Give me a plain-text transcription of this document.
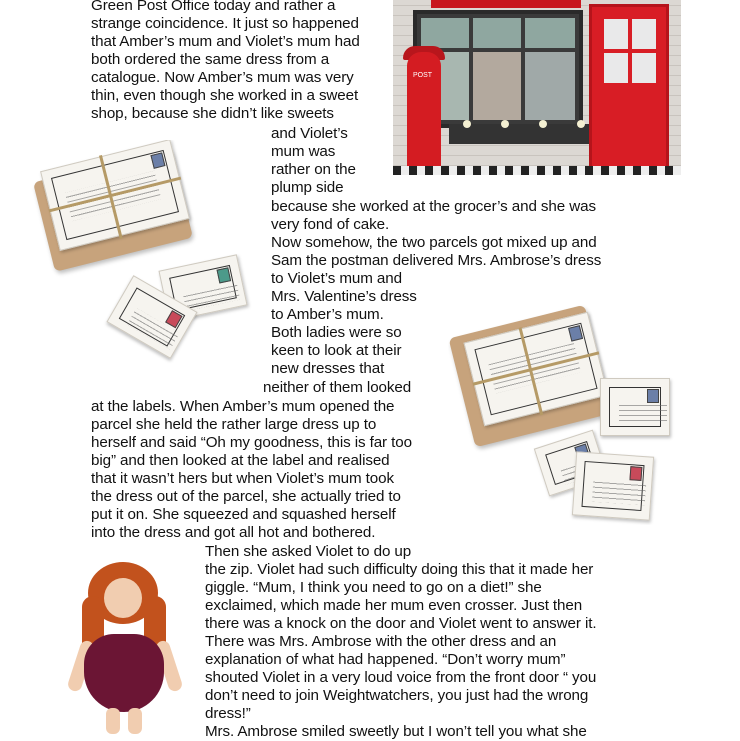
Green Post Office today and rather a
strange coincidence. It just so happened
that Amber’s mum and Violet’s mum had
both ordered the same dress from a
catalogue. Now Amber’s mum was very
thin, even though she worked in a sweet
shop, because she didn’t like sweets
and Violet’s
mum was
rather on the
plump side
because she worked at the grocer’s and she was
very fond of cake.
Now somehow, the two parcels got mixed up and
Sam the postman delivered Mrs. Ambrose’s dress
to Violet’s mum and
Mrs. Valentine’s dress
to Amber’s mum.
Both ladies were so
keen to look at their
new dresses that
neither of them looked
at the labels. When Amber’s mum opened the
parcel she held the rather large dress up to
herself and said “Oh my goodness, this is far too
big” and then looked at the label and realised
that it wasn’t hers but when Violet’s mum took
the dress out of the parcel, she actually tried to
put it on. She squeezed and squashed herself
into the dress and got all hot and bothered.
Then she asked Violet to do up
the zip. Violet had such difficulty doing this that it made her
giggle. “Mum, I think you need to go on a diet!” she
exclaimed, which made her mum even crosser. Just then
there was a knock on the door and Violet went to answer it.
There was Mrs. Ambrose with the other dress and an
explanation of what had happened. “Don’t worry mum”
shouted Violet in a very loud voice from the front door “ you
don’t need to join Weightwatchers, you just had the wrong
dress!”
Mrs. Ambrose smiled sweetly but I won’t tell you what she
POST
